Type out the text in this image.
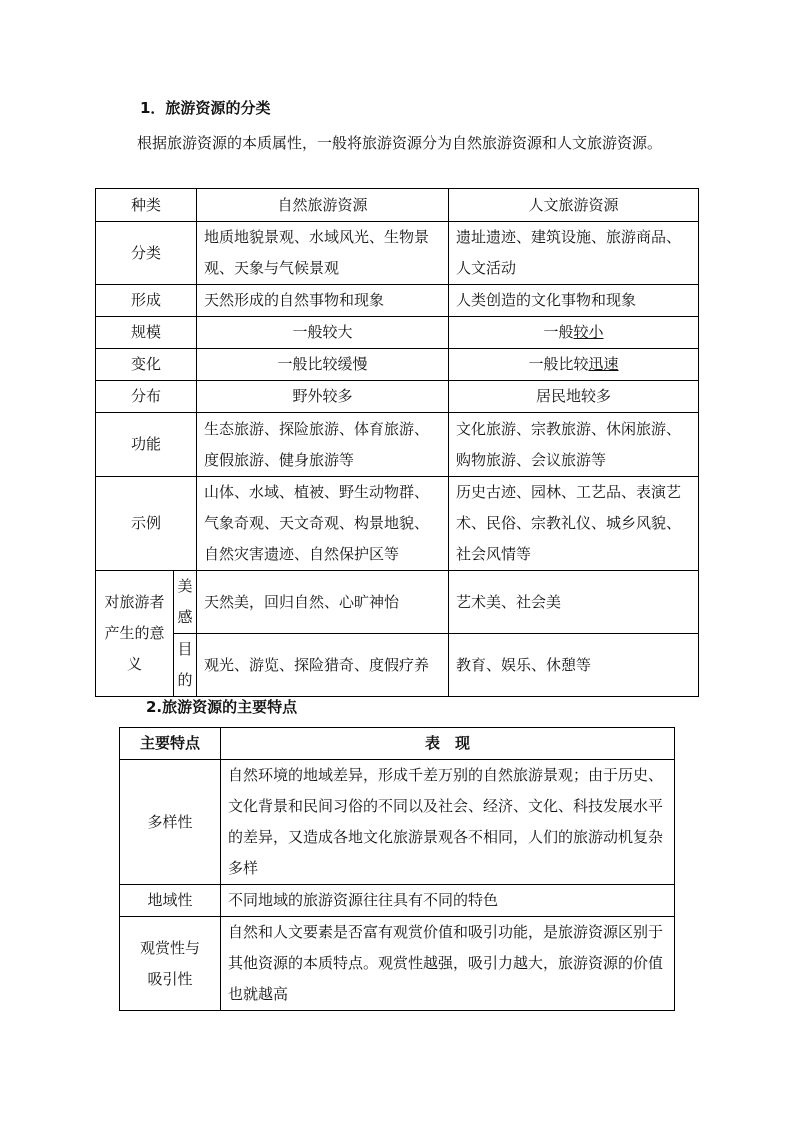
1．旅游资源的分类
根据旅游资源的本质属性，一般将旅游资源分为自然旅游资源和人文旅游资源。
种类		自然旅游资源	人文旅游资源
分类		地质地貌景观、水域风光、生物景观、天象与气候景观	遗址遗迹、建筑设施、旅游商品、人文活动
形成		天然形成的自然事物和现象	人类创造的文化事物和现象
规模		一般较大	一般较小
变化		一般比较缓慢	一般比较迅速
分布		野外较多	居民地较多
功能		生态旅游、探险旅游、体育旅游、度假旅游、健身旅游等	文化旅游、宗教旅游、休闲旅游、购物旅游、会议旅游等
示例		山体、水域、植被、野生动物群、气象奇观、天文奇观、构景地貌、自然灾害遗迹、自然保护区等	历史古迹、园林、工艺品、表演艺术、民俗、宗教礼仪、城乡风貌、社会风情等
对旅游者产生的意义	美感	天然美，回归自然、心旷神怡	艺术美、社会美
	目的	观光、游览、探险猎奇、度假疗养	教育、娱乐、休憩等
2.旅游资源的主要特点
主要特点	表　现
多样性	自然环境的地域差异，形成千差万别的自然旅游景观；由于历史、文化背景和民间习俗的不同以及社会、经济、文化、科技发展水平的差异，又造成各地文化旅游景观各不相同，人们的旅游动机复杂多样
地域性	不同地域的旅游资源往往具有不同的特色
观赏性与吸引性	自然和人文要素是否富有观赏价值和吸引功能，是旅游资源区别于其他资源的本质特点。观赏性越强，吸引力越大，旅游资源的价值也就越高
